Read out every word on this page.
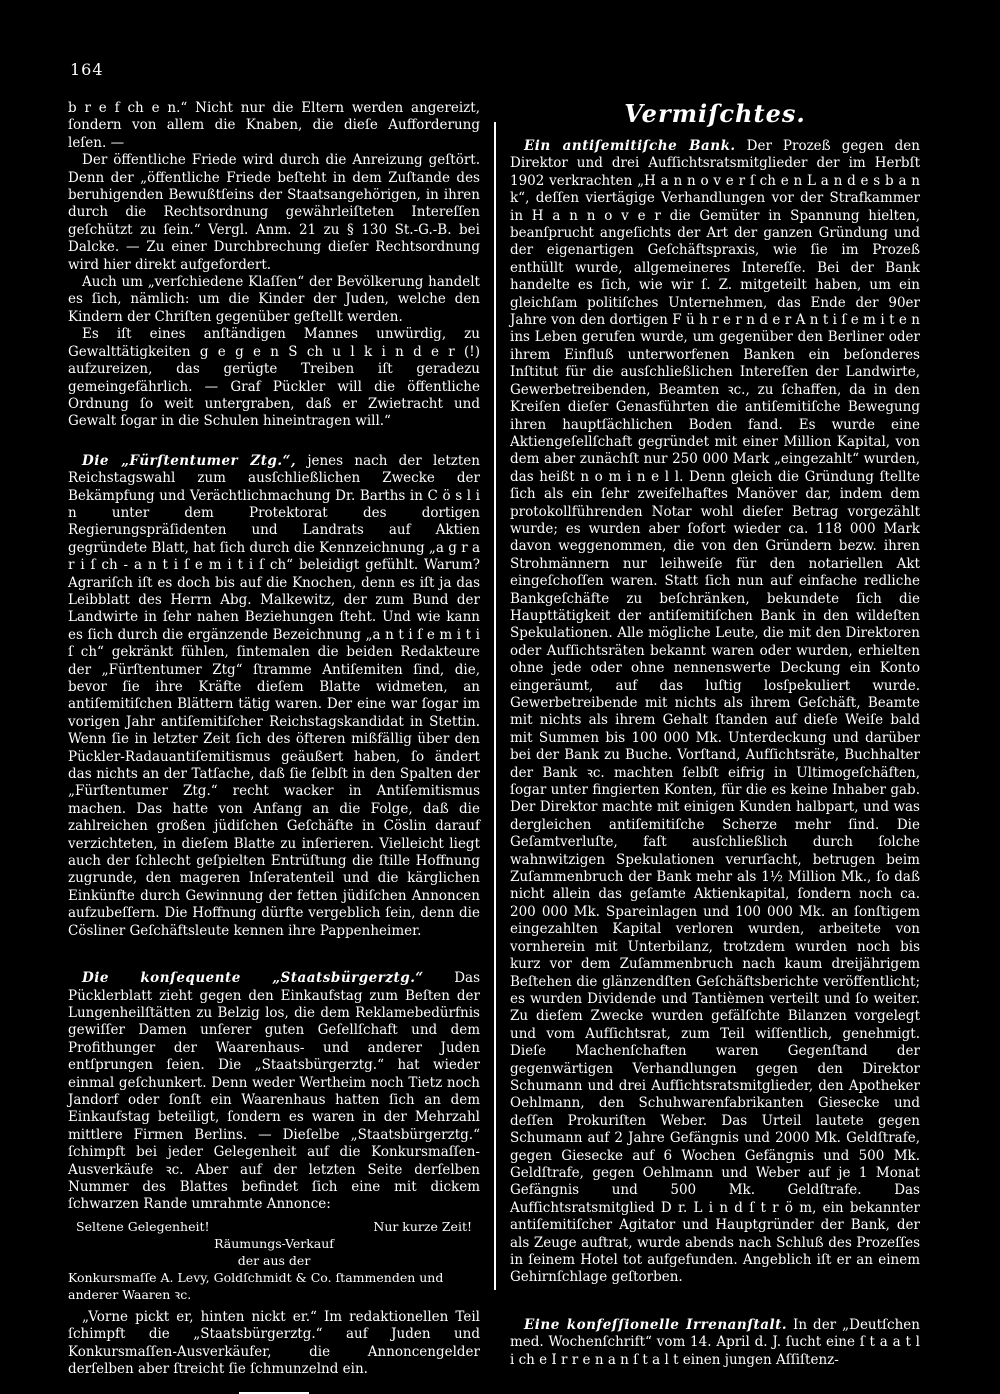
164

b r e f ch e n.“ Nicht nur die Eltern werden angereizt, ſondern von allem die Knaben, die dieſe Aufforderung leſen. —

Der öffentliche Friede wird durch die Anreizung geſtört. Denn der „öffentliche Friede beſteht in dem Zuſtande des beruhigenden Bewußtſeins der Staatsangehörigen, in ihren durch die Rechtsordnung gewährleiſteten Intereſſen geſchützt zu ſein.“ Vergl. Anm. 21 zu § 130 St.-G.-B. bei Dalcke. — Zu einer Durchbrechung dieſer Rechtsordnung wird hier direkt aufgefordert.

Auch um „verſchiedene Klaſſen“ der Bevölkerung handelt es ſich, nämlich: um die Kinder der Juden, welche den Kindern der Chriſten gegenüber geſtellt werden.

Es iſt eines anſtändigen Mannes unwürdig, zu Gewalttätigkeiten g e g e n S ch u l k i n d e r (!) aufzureizen, das gerügte Treiben iſt geradezu gemeingefährlich. — Graf Pückler will die öffentliche Ordnung ſo weit untergraben, daß er Zwietracht und Gewalt ſogar in die Schulen hineintragen will.“

Die „Fürſtentumer Ztg.“, jenes nach der letzten Reichstagswahl zum ausſchließlichen Zwecke der Bekämpfung und Verächtlichmachung Dr. Barths in C ö s l i n unter dem Protektorat des dortigen Regierungspräſidenten und Landrats auf Aktien gegründete Blatt, hat ſich durch die Kennzeichnung „a g r a r i ſ ch - a n t i ſ e m i t i ſ ch“ beleidigt gefühlt. Warum? Agrariſch iſt es doch bis auf die Knochen, denn es iſt ja das Leibblatt des Herrn Abg. Malkewitz, der zum Bund der Landwirte in ſehr nahen Beziehungen ſteht. Und wie kann es ſich durch die ergänzende Bezeichnung „a n t i ſ e m i t i ſ ch“ gekränkt fühlen, ſintemalen die beiden Redakteure der „Fürſtentumer Ztg“ ſtramme Antiſemiten ſind, die, bevor ſie ihre Kräfte dieſem Blatte widmeten, an antiſemitiſchen Blättern tätig waren. Der eine war ſogar im vorigen Jahr antiſemitiſcher Reichstagskandidat in Stettin. Wenn ſie in letzter Zeit ſich des öfteren mißfällig über den Pückler-Radauantiſemitismus geäußert haben, ſo ändert das nichts an der Tatſache, daß ſie ſelbſt in den Spalten der „Fürſtentumer Ztg.“ recht wacker in Antiſemitismus machen. Das hatte von Anfang an die Folge, daß die zahlreichen großen jüdiſchen Geſchäfte in Cöslin darauf verzichteten, in dieſem Blatte zu inſerieren. Vielleicht liegt auch der ſchlecht geſpielten Entrüſtung die ſtille Hoffnung zugrunde, den mageren Inſeratenteil und die kärglichen Einkünfte durch Gewinnung der fetten jüdiſchen Annoncen aufzubeſſern. Die Hoffnung dürfte vergeblich ſein, denn die Cösliner Geſchäftsleute kennen ihre Pappenheimer.

Die konſequente „Staatsbürgerztg.“ Das Pücklerblatt zieht gegen den Einkaufstag zum Beſten der Lungenheilſtätten zu Belzig los, die dem Reklamebedürfnis gewiſſer Damen unſerer guten Geſellſchaft und dem Profithunger der Waarenhaus- und anderer Juden entſprungen ſeien. Die „Staatsbürgerztg.“ hat wieder einmal geſchunkert. Denn weder Wertheim noch Tietz noch Jandorf oder ſonſt ein Waarenhaus hatten ſich an dem Einkaufstag beteiligt, ſondern es waren in der Mehrzahl mittlere Firmen Berlins. — Dieſelbe „Staatsbürgerztg.“ ſchimpft bei jeder Gelegenheit auf die Konkursmaſſen-Ausverkäufe ꝛc. Aber auf der letzten Seite derſelben Nummer des Blattes befindet ſich eine mit dickem ſchwarzen Rande umrahmte Annonce:

Seltene Gelegenheit!	Nur kurze Zeit!
Räumungs-Verkauf
der aus der
Konkursmaſſe A. Levy, Goldſchmidt & Co. ſtammenden und anderer Waaren ꝛc.

„Vorne pickt er, hinten nickt er.“ Im redaktionellen Teil ſchimpft die „Staatsbürgerztg.“ auf Juden und Konkursmaſſen-Ausverkäufer, die Annoncengelder derſelben aber ſtreicht ſie ſchmunzelnd ein.

Vermiſchtes.

Ein antiſemitiſche Bank. Der Prozeß gegen den Direktor und drei Aufſichtsratsmitglieder der im Herbſt 1902 verkrachten „H a n n o v e r ſ ch e n L a n d e s b a n k“, deſſen viertägige Verhandlungen vor der Strafkammer in H a n n o v e r die Gemüter in Spannung hielten, beanſprucht angeſichts der Art der ganzen Gründung und der eigenartigen Geſchäftspraxis, wie ſie im Prozeß enthüllt wurde, allgemeineres Intereſſe. Bei der Bank handelte es ſich, wie wir ſ. Z. mitgeteilt haben, um ein gleichſam politiſches Unternehmen, das Ende der 90er Jahre von den dortigen F ü h r e r n d e r A n t i ſ e m i t e n ins Leben gerufen wurde, um gegenüber den Berliner oder ihrem Einfluß unterworfenen Banken ein beſonderes Inſtitut für die ausſchließlichen Intereſſen der Landwirte, Gewerbetreibenden, Beamten ꝛc., zu ſchaffen, da in den Kreiſen dieſer Genasführten die antiſemitiſche Bewegung ihren hauptſächlichen Boden fand. Es wurde eine Aktiengeſellſchaft gegründet mit einer Million Kapital, von dem aber zunächſt nur 250 000 Mark „eingezahlt“ wurden, das heißt n o m i n e l l. Denn gleich die Gründung ſtellte ſich als ein ſehr zweifelhaftes Manöver dar, indem dem protokollführenden Notar wohl dieſer Betrag vorgezählt wurde; es wurden aber ſofort wieder ca. 118 000 Mark davon weggenommen, die von den Gründern bezw. ihren Strohmännern nur leihweiſe für den notariellen Akt eingeſchoſſen waren. Statt ſich nun auf einfache redliche Bankgeſchäfte zu beſchränken, bekundete ſich die Haupttätigkeit der antiſemitiſchen Bank in den wildeſten Spekulationen. Alle mögliche Leute, die mit den Direktoren oder Aufſichtsräten bekannt waren oder wurden, erhielten ohne jede oder ohne nennenswerte Deckung ein Konto eingeräumt, auf das luſtig losſpekuliert wurde. Gewerbetreibende mit nichts als ihrem Geſchäft, Beamte mit nichts als ihrem Gehalt ſtanden auf dieſe Weiſe bald mit Summen bis 100 000 Mk. Unterdeckung und darüber bei der Bank zu Buche. Vorſtand, Aufſichtsräte, Buchhalter der Bank ꝛc. machten ſelbſt eifrig in Ultimogeſchäften, ſogar unter fingierten Konten, für die es keine Inhaber gab. Der Direktor machte mit einigen Kunden halbpart, und was dergleichen antiſemitiſche Scherze mehr ſind. Die Geſamtverluſte, faſt ausſchließlich durch ſolche wahnwitzigen Spekulationen verurſacht, betrugen beim Zuſammenbruch der Bank mehr als 1½ Million Mk., ſo daß nicht allein das geſamte Aktienkapital, ſondern noch ca. 200 000 Mk. Spareinlagen und 100 000 Mk. an ſonſtigem eingezahlten Kapital verloren wurden, arbeitete von vornherein mit Unterbilanz, trotzdem wurden noch bis kurz vor dem Zuſammenbruch nach kaum dreijährigem Beſtehen die glänzendſten Geſchäftsberichte veröffentlicht; es wurden Dividende und Tantièmen verteilt und ſo weiter. Zu dieſem Zwecke wurden gefälſchte Bilanzen vorgelegt und vom Aufſichtsrat, zum Teil wiſſentlich, genehmigt. Dieſe Machenſchaften waren Gegenſtand der gegenwärtigen Verhandlungen gegen den Direktor Schumann und drei Aufſichtsratsmitglieder, den Apotheker Oehlmann, den Schuhwarenfabrikanten Giesecke und deſſen Prokuriſten Weber. Das Urteil lautete gegen Schumann auf 2 Jahre Gefängnis und 2000 Mk. Geldſtrafe, gegen Giesecke auf 6 Wochen Gefängnis und 500 Mk. Geldſtrafe, gegen Oehlmann und Weber auf je 1 Monat Gefängnis und 500 Mk. Geldſtrafe. Das Aufſichtsratsmitglied D r. L i n d ſ t r ö m, ein bekannter antiſemitiſcher Agitator und Hauptgründer der Bank, der als Zeuge auftrat, wurde abends nach Schluß des Prozeſſes in ſeinem Hotel tot aufgefunden. Angeblich iſt er an einem Gehirnſchlage geſtorben.

Eine konfeſſionelle Irrenanſtalt. In der „Deutſchen med. Wochenſchrift“ vom 14. April d. J. ſucht eine ſ t a a t l i ch e I r r e n a n ſ t a l t einen jungen Aſſiſtenz-
